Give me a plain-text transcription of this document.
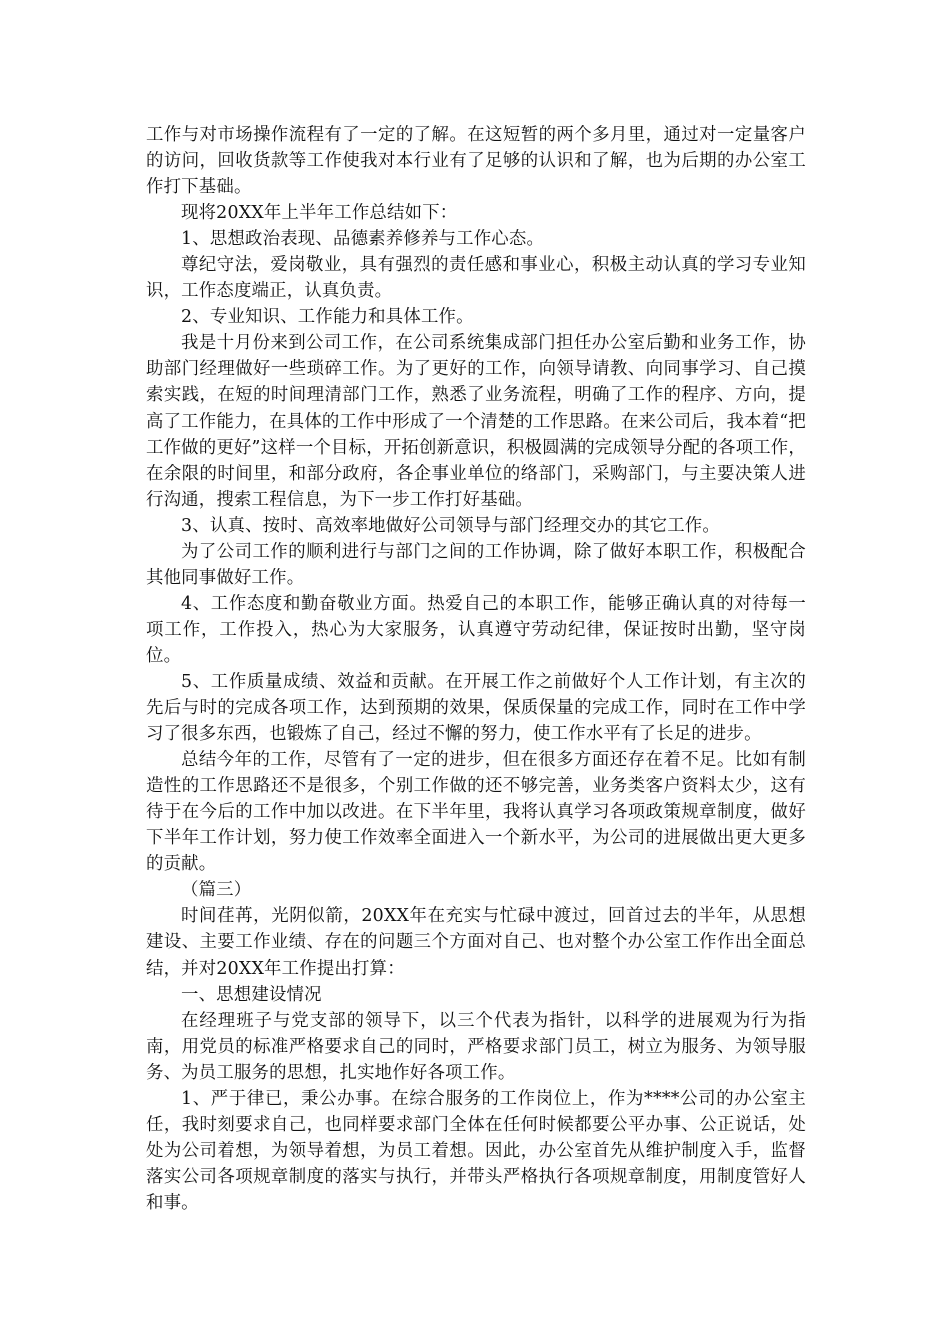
工作与对市场操作流程有了一定的了解。在这短暂的两个多月里，通过对一定量客户的访问，回收货款等工作使我对本行业有了足够的认识和了解，也为后期的办公室工作打下基础。

现将20XX年上半年工作总结如下：

1、思想政治表现、品德素养修养与工作心态。

尊纪守法，爱岗敬业，具有强烈的责任感和事业心，积极主动认真的学习专业知识，工作态度端正，认真负责。

2、专业知识、工作能力和具体工作。

我是十月份来到公司工作，在公司系统集成部门担任办公室后勤和业务工作，协助部门经理做好一些琐碎工作。为了更好的工作，向领导请教、向同事学习、自己摸索实践，在短的时间理清部门工作，熟悉了业务流程，明确了工作的程序、方向，提高了工作能力，在具体的工作中形成了一个清楚的工作思路。在来公司后，我本着“把工作做的更好”这样一个目标，开拓创新意识，积极圆满的完成领导分配的各项工作，在余限的时间里，和部分政府，各企事业单位的络部门，采购部门，与主要决策人进行沟通，搜索工程信息，为下一步工作打好基础。

3、认真、按时、高效率地做好公司领导与部门经理交办的其它工作。

为了公司工作的顺利进行与部门之间的工作协调，除了做好本职工作，积极配合其他同事做好工作。

4、工作态度和勤奋敬业方面。热爱自己的本职工作，能够正确认真的对待每一项工作，工作投入，热心为大家服务，认真遵守劳动纪律，保证按时出勤，坚守岗位。

5、工作质量成绩、效益和贡献。在开展工作之前做好个人工作计划，有主次的先后与时的完成各项工作，达到预期的效果，保质保量的完成工作，同时在工作中学习了很多东西，也锻炼了自己，经过不懈的努力，使工作水平有了长足的进步。

总结今年的工作，尽管有了一定的进步，但在很多方面还存在着不足。比如有制造性的工作思路还不是很多，个别工作做的还不够完善，业务类客户资料太少，这有待于在今后的工作中加以改进。在下半年里，我将认真学习各项政策规章制度，做好下半年工作计划，努力使工作效率全面进入一个新水平，为公司的进展做出更大更多的贡献。

（篇三）

时间荏苒，光阴似箭，20XX年在充实与忙碌中渡过，回首过去的半年，从思想建设、主要工作业绩、存在的问题三个方面对自己、也对整个办公室工作作出全面总结，并对20XX年工作提出打算：

一、思想建设情况

在经理班子与党支部的领导下，以三个代表为指针，以科学的进展观为行为指南，用党员的标准严格要求自己的同时，严格要求部门员工，树立为服务、为领导服务、为员工服务的思想，扎实地作好各项工作。

1、严于律已，秉公办事。在综合服务的工作岗位上，作为****公司的办公室主任，我时刻要求自己，也同样要求部门全体在任何时候都要公平办事、公正说话，处处为公司着想，为领导着想，为员工着想。因此，办公室首先从维护制度入手，监督落实公司各项规章制度的落实与执行，并带头严格执行各项规章制度，用制度管好人和事。
